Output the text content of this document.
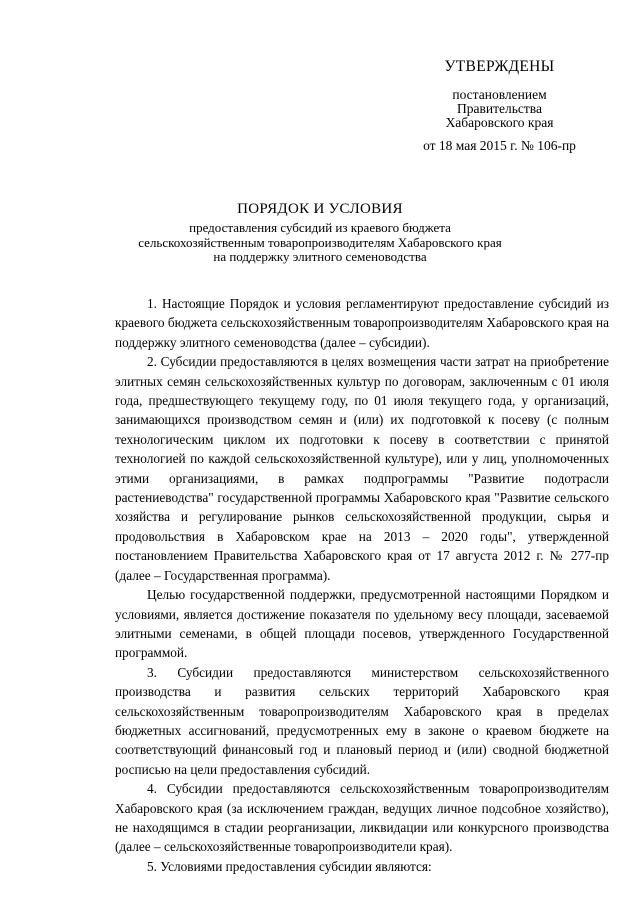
УТВЕРЖДЕНЫ
постановлением
Правительства
Хабаровского края
от 18 мая 2015 г. № 106-пр
ПОРЯДОК И УСЛОВИЯ
предоставления субсидий из краевого бюджета
сельскохозяйственным товаропроизводителям Хабаровского края
на поддержку элитного семеноводства

1. Настоящие Порядок и условия регламентируют предоставление субсидий из краевого бюджета сельскохозяйственным товаропроизводителям Хабаровского края на поддержку элитного семеноводства (далее – субсидии).

2. Субсидии предоставляются в целях возмещения части затрат на приобретение элитных семян сельскохозяйственных культур по договорам, заключенным с 01 июля года, предшествующего текущему году, по 01 июля текущего года, у организаций, занимающихся производством семян и (или) их подготовкой к посеву (с полным технологическим циклом их подготовки к посеву в соответствии с принятой технологией по каждой сельскохозяйственной культуре), или у лиц, уполномоченных этими организациями, в рамках подпрограммы "Развитие подотрасли растениеводства" государственной программы Хабаровского края "Развитие сельского хозяйства и регулирование рынков сельскохозяйственной продукции, сырья и продовольствия в Хабаровском крае на 2013 – 2020 годы", утвержденной постановлением Правительства Хабаровского края от 17 августа 2012 г. № 277-пр (далее – Государственная программа).

Целью государственной поддержки, предусмотренной настоящими Порядком и условиями, является достижение показателя по удельному весу площади, засеваемой элитными семенами, в общей площади посевов, утвержденного Государственной программой.

3. Субсидии предоставляются министерством сельскохозяйственного производства и развития сельских территорий Хабаровского края сельскохозяйственным товаропроизводителям Хабаровского края в пределах бюджетных ассигнований, предусмотренных ему в законе о краевом бюджете на соответствующий финансовый год и плановый период и (или) сводной бюджетной росписью на цели предоставления субсидий.

4. Субсидии предоставляются сельскохозяйственным товаропроизводителям Хабаровского края (за исключением граждан, ведущих личное подсобное хозяйство), не находящимся в стадии реорганизации, ликвидации или конкурсного производства (далее – сельскохозяйственные товаропроизводители края).

5. Условиями предоставления субсидии являются:
